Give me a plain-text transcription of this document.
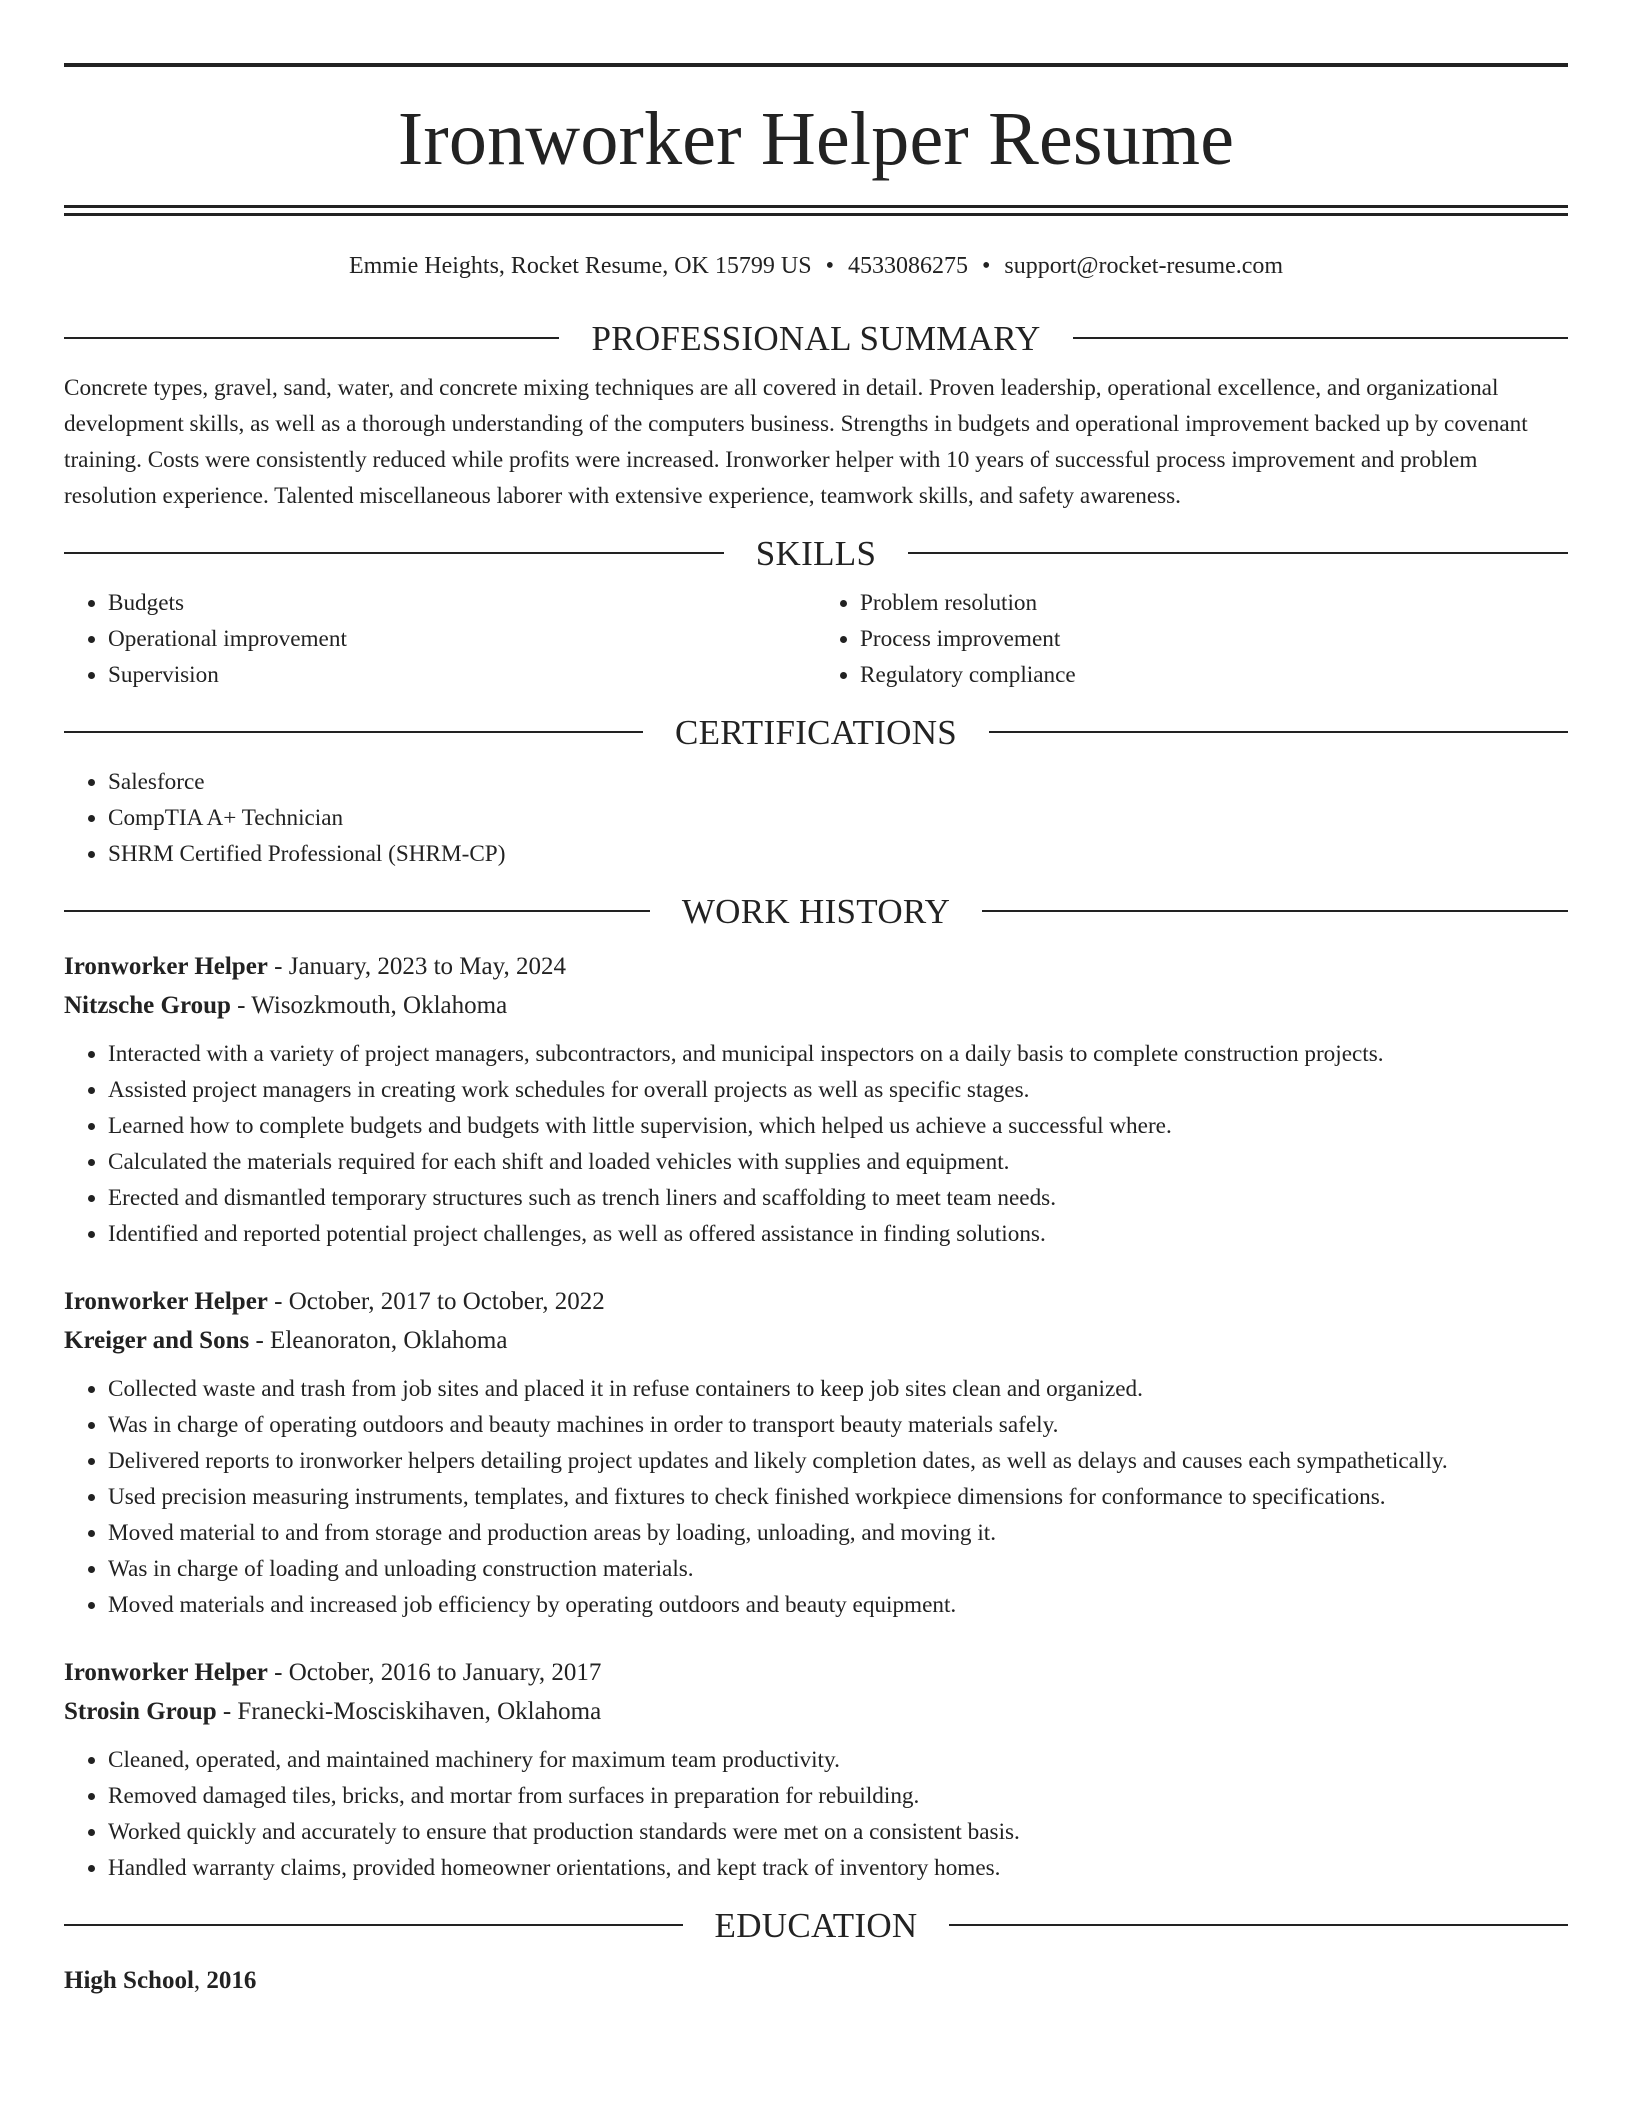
Ironworker Helper Resume
Emmie Heights, Rocket Resume, OK 15799 US • 4533086275 • support@rocket-resume.com
PROFESSIONAL SUMMARY

Concrete types, gravel, sand, water, and concrete mixing techniques are all covered in detail. Proven leadership, operational excellence, and organizational development skills, as well as a thorough understanding of the computers business. Strengths in budgets and operational improvement backed up by covenant training. Costs were consistently reduced while profits were increased. Ironworker helper with 10 years of successful process improvement and problem resolution experience. Talented miscellaneous laborer with extensive experience, teamwork skills, and safety awareness.

SKILLS
• Budgets
• Operational improvement
• Supervision
• Problem resolution
• Process improvement
• Regulatory compliance
CERTIFICATIONS
• Salesforce
• CompTIA A+ Technician
• SHRM Certified Professional (SHRM-CP)
WORK HISTORY
Ironworker Helper - January, 2023 to May, 2024
Nitzsche Group - Wisozkmouth, Oklahoma
• Interacted with a variety of project managers, subcontractors, and municipal inspectors on a daily basis to complete construction projects.
• Assisted project managers in creating work schedules for overall projects as well as specific stages.
• Learned how to complete budgets and budgets with little supervision, which helped us achieve a successful where.
• Calculated the materials required for each shift and loaded vehicles with supplies and equipment.
• Erected and dismantled temporary structures such as trench liners and scaffolding to meet team needs.
• Identified and reported potential project challenges, as well as offered assistance in finding solutions.
Ironworker Helper - October, 2017 to October, 2022
Kreiger and Sons - Eleanoraton, Oklahoma
• Collected waste and trash from job sites and placed it in refuse containers to keep job sites clean and organized.
• Was in charge of operating outdoors and beauty machines in order to transport beauty materials safely.
• Delivered reports to ironworker helpers detailing project updates and likely completion dates, as well as delays and causes each sympathetically.
• Used precision measuring instruments, templates, and fixtures to check finished workpiece dimensions for conformance to specifications.
• Moved material to and from storage and production areas by loading, unloading, and moving it.
• Was in charge of loading and unloading construction materials.
• Moved materials and increased job efficiency by operating outdoors and beauty equipment.
Ironworker Helper - October, 2016 to January, 2017
Strosin Group - Franecki-Mosciskihaven, Oklahoma
• Cleaned, operated, and maintained machinery for maximum team productivity.
• Removed damaged tiles, bricks, and mortar from surfaces in preparation for rebuilding.
• Worked quickly and accurately to ensure that production standards were met on a consistent basis.
• Handled warranty claims, provided homeowner orientations, and kept track of inventory homes.
EDUCATION
High School, 2016
